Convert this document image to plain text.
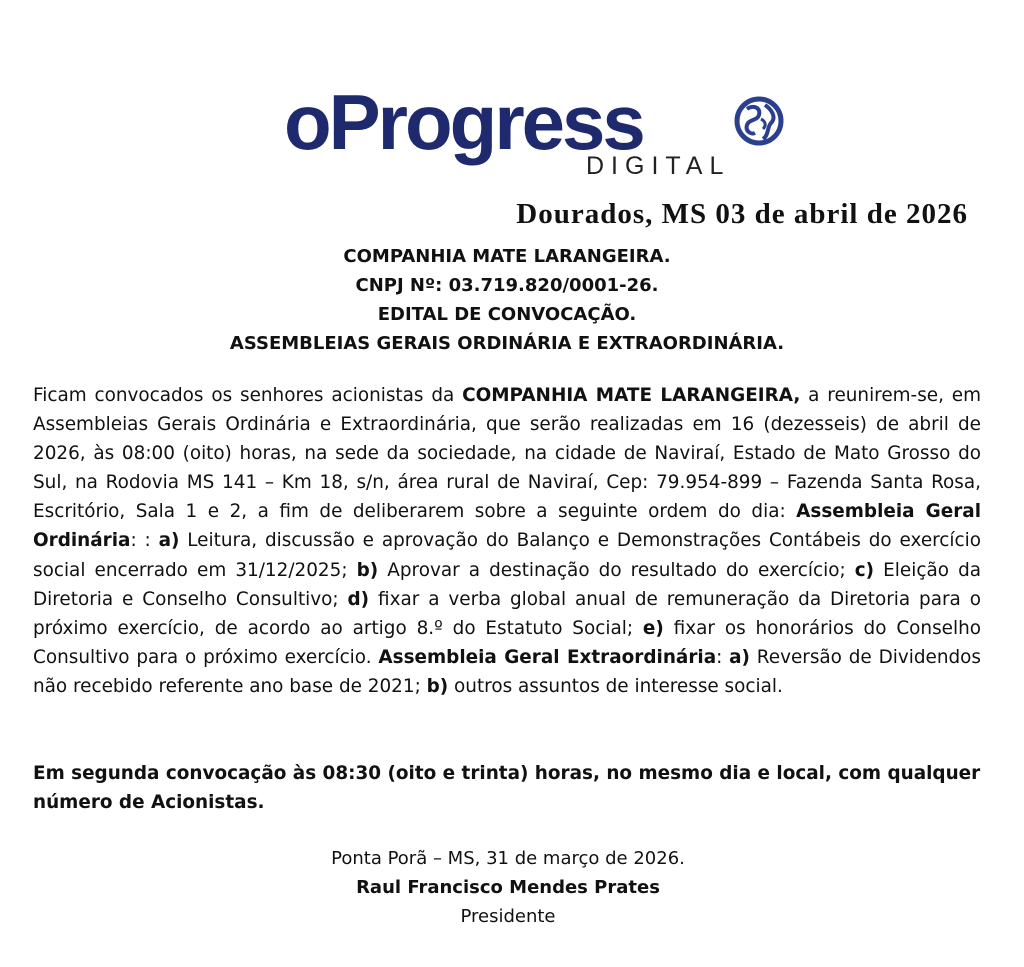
oProgress
DIGITAL
Dourados, MS 03 de abril de 2026
COMPANHIA MATE LARANGEIRA.
CNPJ Nº: 03.719.820/0001-26.
EDITAL DE CONVOCAÇÃO.
ASSEMBLEIAS GERAIS ORDINÁRIA E EXTRAORDINÁRIA.

Ficam convocados os senhores acionistas da COMPANHIA MATE LARANGEIRA, a reunirem-se, em Assembleias Gerais Ordinária e Extraordinária, que serão realizadas em 16 (dezesseis) de abril de 2026, às 08:00 (oito) horas, na sede da sociedade, na cidade de Naviraí, Estado de Mato Grosso do Sul, na Rodovia MS 141 – Km 18, s/n, área rural de Naviraí, Cep: 79.954-899 – Fazenda Santa Rosa, Escritório, Sala 1 e 2, a fim de deliberarem sobre a seguinte ordem do dia: Assembleia Geral Ordinária: : a) Leitura, discussão e aprovação do Balanço e Demonstrações Contábeis do exercício social encerrado em 31/12/2025; b) Aprovar a destinação do resultado do exercício; c) Eleição da Diretoria e Conselho Consultivo; d) fixar a verba global anual de remuneração da Diretoria para o próximo exercício, de acordo ao artigo 8.º do Estatuto Social; e) fixar os honorários do Conselho Consultivo para o próximo exercício. Assembleia Geral Extraordinária: a) Reversão de Dividendos não recebido referente ano base de 2021; b) outros assuntos de interesse social.

Em segunda convocação às 08:30 (oito e trinta) horas, no mesmo dia e local, com qualquer número de Acionistas.
Ponta Porã – MS, 31 de março de 2026.
Raul Francisco Mendes Prates
Presidente
